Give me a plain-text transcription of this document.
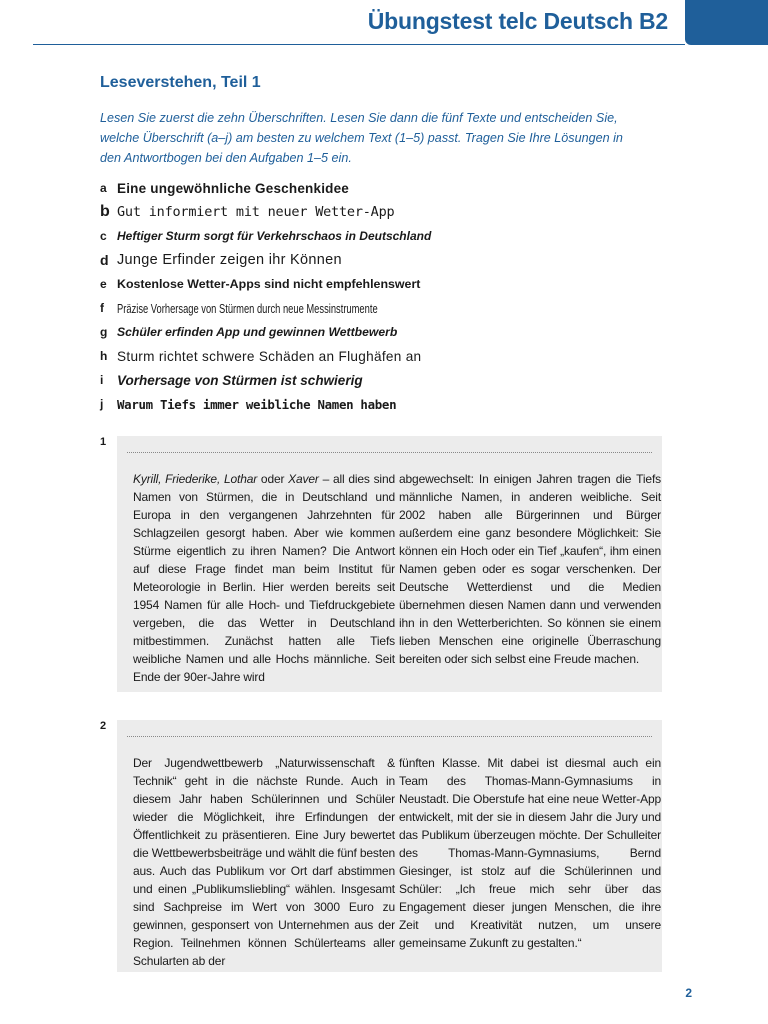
Übungstest telc Deutsch B2
Leseverstehen, Teil 1
Lesen Sie zuerst die zehn Überschriften. Lesen Sie dann die fünf Texte und entscheiden Sie, welche Überschrift (a–j) am besten zu welchem Text (1–5) passt. Tragen Sie Ihre Lösungen in den Antwortbogen bei den Aufgaben 1–5 ein.
a Eine ungewöhnliche Geschenkidee
b Gut informiert mit neuer Wetter-App
c Heftiger Sturm sorgt für Verkehrschaos in Deutschland
d Junge Erfinder zeigen ihr Können
e Kostenlose Wetter-Apps sind nicht empfehlenswert
f	Präzise Vorhersage von Stürmen durch neue Messinstrumente
g Schüler erfinden App und gewinnen Wettbewerb
h Sturm richtet schwere Schäden an Flughäfen an
i	Vorhersage von Stürmen ist schwierig
j	Warum Tiefs immer weibliche Namen haben
1

Kyrill, Friederike, Lothar oder Xaver – all dies sind Namen von Stürmen, die in Deutschland und Europa in den vergangenen Jahrzehnten für Schlagzeilen gesorgt haben. Aber wie kommen Stürme eigentlich zu ihren Namen? Die Antwort auf diese Frage findet man beim Institut für Meteorologie in Berlin. Hier werden bereits seit 1954 Namen für alle Hoch- und Tiefdruckgebiete vergeben, die das Wetter in Deutschland mitbestimmen. Zunächst hatten alle Tiefs weibliche Namen und alle Hochs männliche. Seit Ende der 90er-Jahre wird

abgewechselt: In einigen Jahren tragen die Tiefs männliche Namen, in anderen weibliche. Seit 2002 haben alle Bürgerinnen und Bürger außerdem eine ganz besondere Möglichkeit: Sie können ein Hoch oder ein Tief „kaufen“, ihm einen Namen geben oder es sogar verschenken. Der Deutsche Wetterdienst und die Medien übernehmen diesen Namen dann und verwenden ihn in den Wetterberichten. So können sie einem lieben Menschen eine originelle Überraschung bereiten oder sich selbst eine Freude machen.

2

Der Jugendwettbewerb „Naturwissenschaft & Technik“ geht in die nächste Runde. Auch in diesem Jahr haben Schülerinnen und Schüler wieder die Möglichkeit, ihre Erfindungen der Öffentlichkeit zu präsentieren. Eine Jury bewertet die Wettbewerbsbeiträge und wählt die fünf besten aus. Auch das Publikum vor Ort darf abstimmen und einen „Publikumsliebling“ wählen. Insgesamt sind Sachpreise im Wert von 3000 Euro zu gewinnen, gesponsert von Unternehmen aus der Region. Teilnehmen können Schülerteams aller Schularten ab der

fünften Klasse. Mit dabei ist diesmal auch ein Team des Thomas-Mann-Gymnasiums in Neustadt. Die Oberstufe hat eine neue Wetter-App entwickelt, mit der sie in diesem Jahr die Jury und das Publikum überzeugen möchte. Der Schulleiter des Thomas-Mann-Gymnasiums, Bernd Giesinger, ist stolz auf die Schülerinnen und Schüler: „Ich freue mich sehr über das Engagement dieser jungen Menschen, die ihre Zeit und Kreativität nutzen, um unsere gemeinsame Zukunft zu gestalten.“

2
